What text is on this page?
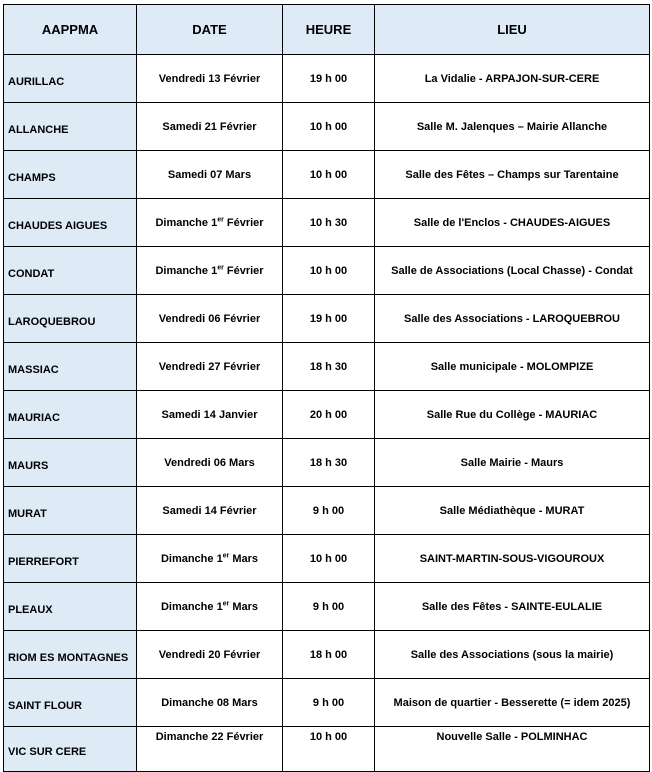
AAPPMA	DATE	HEURE	LIEU
AURILLAC	Vendredi 13 Février	19 h 00	La Vidalie - ARPAJON-SUR-CERE
ALLANCHE	Samedi 21 Février	10 h 00	Salle M. Jalenques – Mairie Allanche
CHAMPS	Samedi 07 Mars	10 h 00	Salle des Fêtes – Champs sur Tarentaine
CHAUDES AIGUES	Dimanche 1er Février	10 h 30	Salle de l'Enclos - CHAUDES-AIGUES
CONDAT	Dimanche 1er Février	10 h 00	Salle de Associations (Local Chasse) - Condat
LAROQUEBROU	Vendredi 06 Février	19 h 00	Salle des Associations - LAROQUEBROU
MASSIAC	Vendredi 27 Février	18 h 30	Salle municipale - MOLOMPIZE
MAURIAC	Samedi 14 Janvier	20 h 00	Salle Rue du Collège - MAURIAC
MAURS	Vendredi 06 Mars	18 h 30	Salle Mairie - Maurs
MURAT	Samedi 14 Février	9 h 00	Salle Médiathèque - MURAT
PIERREFORT	Dimanche 1er Mars	10 h 00	SAINT-MARTIN-SOUS-VIGOUROUX
PLEAUX	Dimanche 1er Mars	9 h 00	Salle des Fêtes - SAINTE-EULALIE
RIOM ES MONTAGNES	Vendredi 20 Février	18 h 00	Salle des Associations (sous la mairie)
SAINT FLOUR	Dimanche 08 Mars	9 h 00	Maison de quartier - Besserette (= idem 2025)
VIC SUR CERE	Dimanche 22 Février	10 h 00	Nouvelle Salle - POLMINHAC
